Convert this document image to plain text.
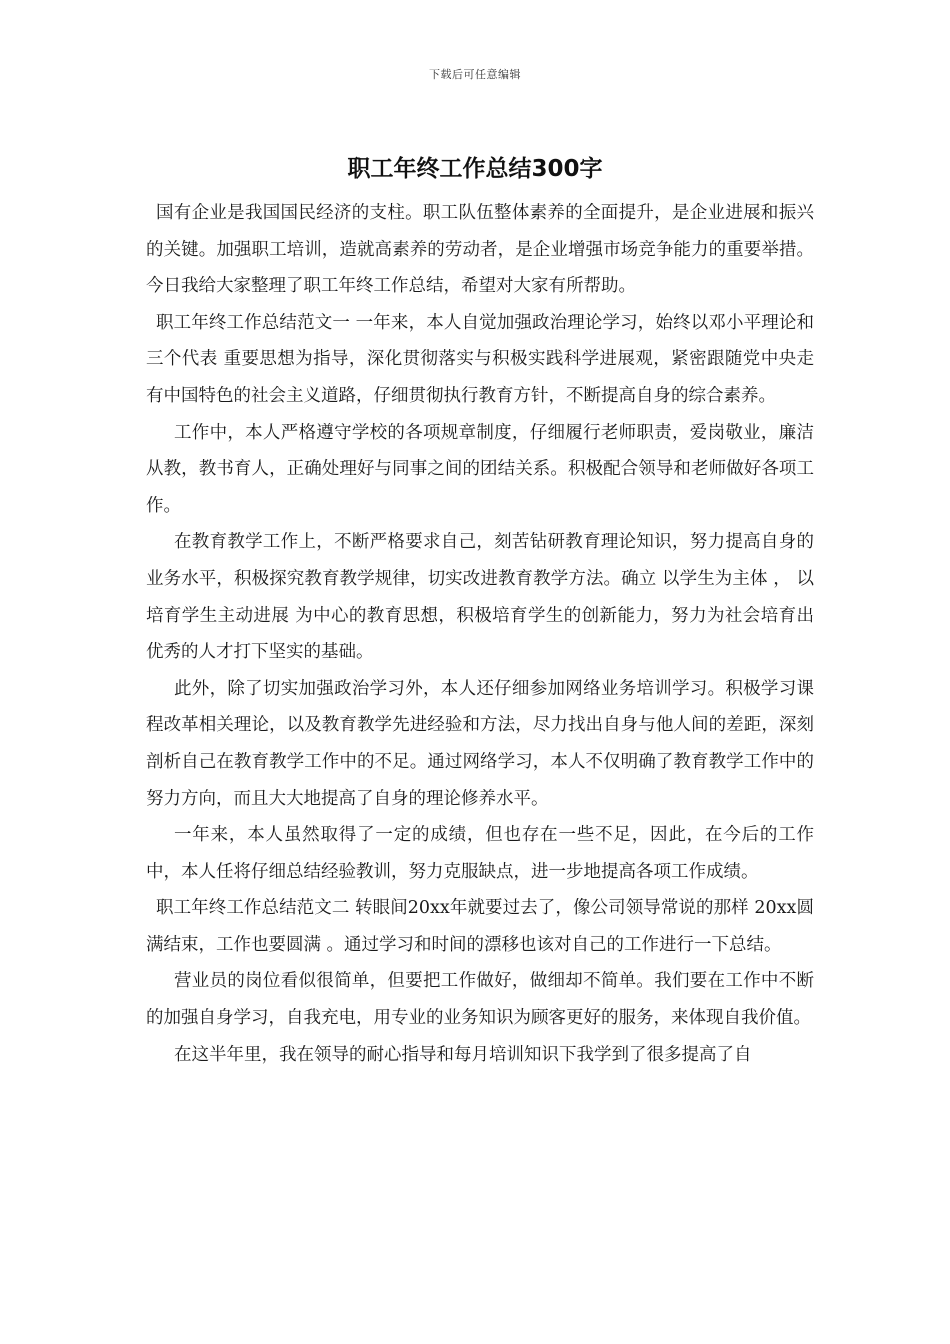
下载后可任意编辑
职工年终工作总结300字

国有企业是我国国民经济的支柱。职工队伍整体素养的全面提升，是企业进展和振兴的关键。加强职工培训，造就高素养的劳动者，是企业增强市场竞争能力的重要举措。今日我给大家整理了职工年终工作总结，希望对大家有所帮助。

职工年终工作总结范文一 一年来，本人自觉加强政治理论学习，始终以邓小平理论和 三个代表 重要思想为指导，深化贯彻落实与积极实践科学进展观，紧密跟随党中央走有中国特色的社会主义道路，仔细贯彻执行教育方针，不断提高自身的综合素养。

工作中，本人严格遵守学校的各项规章制度，仔细履行老师职责，爱岗敬业，廉洁从教，教书育人，正确处理好与同事之间的团结关系。积极配合领导和老师做好各项工作。

在教育教学工作上，不断严格要求自己，刻苦钻研教育理论知识，努力提高自身的业务水平，积极探究教育教学规律，切实改进教育教学方法。确立 以学生为主体 ， 以培育学生主动进展 为中心的教育思想，积极培育学生的创新能力，努力为社会培育出优秀的人才打下坚实的基础。

此外，除了切实加强政治学习外，本人还仔细参加网络业务培训学习。积极学习课程改革相关理论，以及教育教学先进经验和方法，尽力找出自身与他人间的差距，深刻剖析自己在教育教学工作中的不足。通过网络学习，本人不仅明确了教育教学工作中的努力方向，而且大大地提高了自身的理论修养水平。

一年来，本人虽然取得了一定的成绩，但也存在一些不足，因此，在今后的工作中，本人任将仔细总结经验教训，努力克服缺点，进一步地提高各项工作成绩。

职工年终工作总结范文二 转眼间20xx年就要过去了，像公司领导常说的那样 20xx圆满结束，工作也要圆满 。通过学习和时间的漂移也该对自己的工作进行一下总结。

营业员的岗位看似很简单，但要把工作做好，做细却不简单。我们要在工作中不断的加强自身学习，自我充电，用专业的业务知识为顾客更好的服务，来体现自我价值。

在这半年里，我在领导的耐心指导和每月培训知识下我学到了很多提高了自
